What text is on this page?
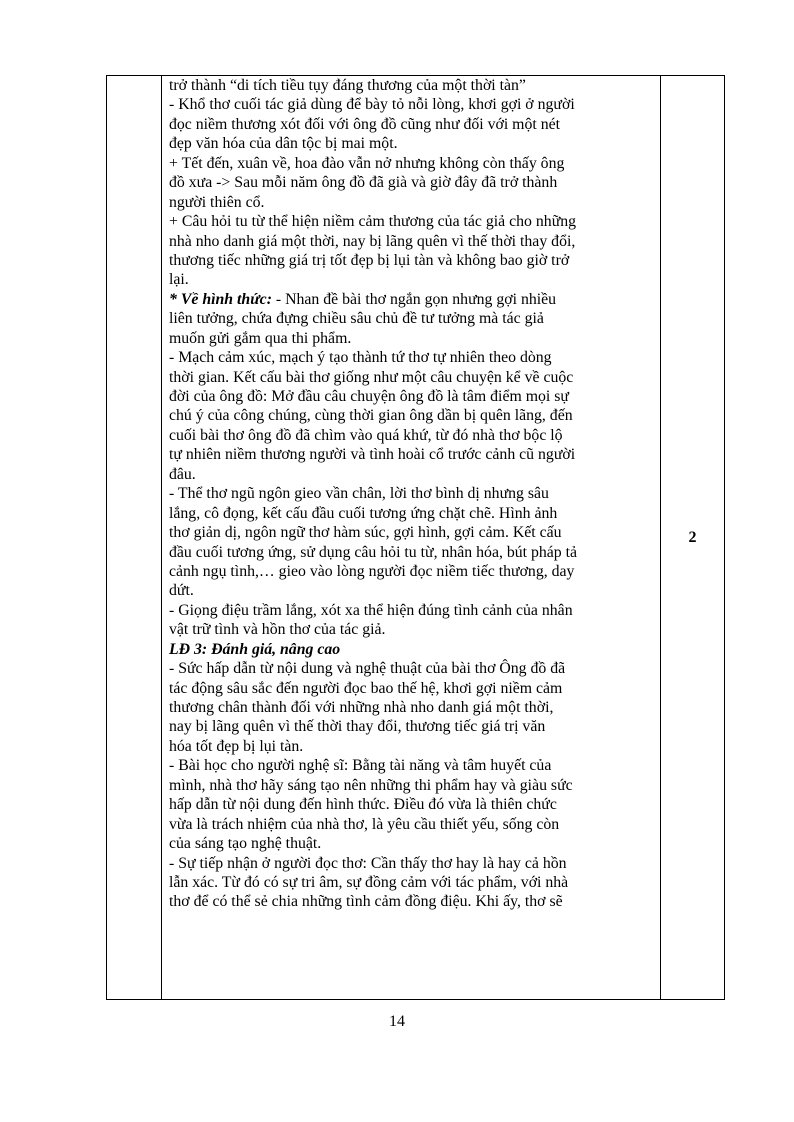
trở thành “di tích tiều tụy đáng thương của một thời tàn”
- Khổ thơ cuối tác giả dùng để bày tỏ nỗi lòng, khơi gợi ở người
đọc niềm thương xót đối với ông đồ cũng như đối với một nét
đẹp văn hóa của dân tộc bị mai một.
+ Tết đến, xuân về, hoa đào vẫn nở nhưng không còn thấy ông
đồ xưa -> Sau mỗi năm ông đồ đã già và giờ đây đã trở thành
người thiên cổ.
+ Câu hỏi tu từ thể hiện niềm cảm thương của tác giả cho những
nhà nho danh giá một thời, nay bị lãng quên vì thế thời thay đổi,
thương tiếc những giá trị tốt đẹp bị lụi tàn và không bao giờ trở
lại.
* Về hình thức: - Nhan đề bài thơ ngắn gọn nhưng gợi nhiều
liên tưởng, chứa đựng chiều sâu chủ đề tư tưởng mà tác giả
muốn gửi gắm qua thi phẩm.
- Mạch cảm xúc, mạch ý tạo thành tứ thơ tự nhiên theo dòng
thời gian. Kết cấu bài thơ giống như một câu chuyện kể về cuộc
đời của ông đồ: Mở đầu câu chuyện ông đồ là tâm điểm mọi sự
chú ý của công chúng, cùng thời gian ông dần bị quên lãng, đến
cuối bài thơ ông đồ đã chìm vào quá khứ, từ đó nhà thơ bộc lộ
tự nhiên niềm thương người và tình hoài cổ trước cảnh cũ người
đâu.
- Thể thơ ngũ ngôn gieo vần chân, lời thơ bình dị nhưng sâu
lắng, cô đọng, kết cấu đầu cuối tương ứng chặt chẽ. Hình ảnh
thơ giản dị, ngôn ngữ thơ hàm súc, gợi hình, gợi cảm. Kết cấu
đầu cuối tương ứng, sử dụng câu hỏi tu từ, nhân hóa, bút pháp tả
cảnh ngụ tình,… gieo vào lòng người đọc niềm tiếc thương, day
dứt.
- Giọng điệu trầm lắng, xót xa thể hiện đúng tình cảnh của nhân
vật trữ tình và hồn thơ của tác giả.
LĐ 3: Đánh giá, nâng cao
- Sức hấp dẫn từ nội dung và nghệ thuật của bài thơ Ông đồ đã
tác động sâu sắc đến người đọc bao thế hệ, khơi gợi niềm cảm
thương chân thành đối với những nhà nho danh giá một thời,
nay bị lãng quên vì thế thời thay đổi, thương tiếc giá trị văn
hóa tốt đẹp bị lụi tàn.
- Bài học cho người nghệ sĩ: Bằng tài năng và tâm huyết của
mình, nhà thơ hãy sáng tạo nên những thi phẩm hay và giàu sức
hấp dẫn từ nội dung đến hình thức. Điều đó vừa là thiên chức
vừa là trách nhiệm của nhà thơ, là yêu cầu thiết yếu, sống còn
của sáng tạo nghệ thuật.
- Sự tiếp nhận ở người đọc thơ: Cần thấy thơ hay là hay cả hồn
lẫn xác. Từ đó có sự tri âm, sự đồng cảm với tác phẩm, với nhà
thơ để có thể sẻ chia những tình cảm đồng điệu. Khi ấy, thơ sẽ
	2
14
